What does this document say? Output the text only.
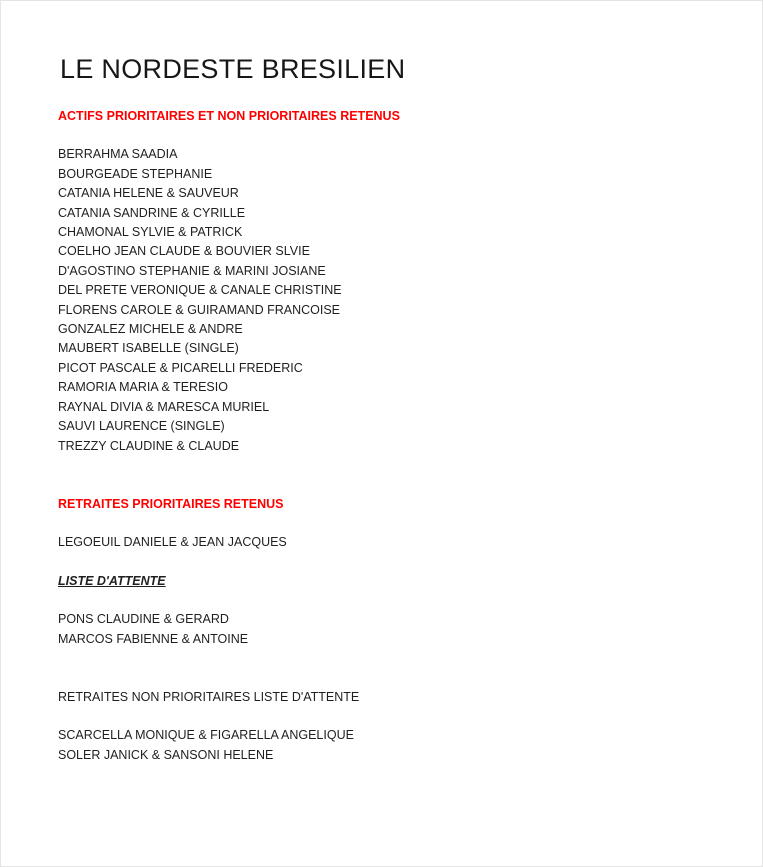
LE NORDESTE BRESILIEN
ACTIFS PRIORITAIRES ET NON PRIORITAIRES RETENUS

BERRAHMA SAADIA

BOURGEADE STEPHANIE

CATANIA HELENE & SAUVEUR

CATANIA SANDRINE & CYRILLE

CHAMONAL SYLVIE & PATRICK

COELHO JEAN CLAUDE & BOUVIER SLVIE

D'AGOSTINO STEPHANIE & MARINI JOSIANE

DEL PRETE VERONIQUE & CANALE CHRISTINE

FLORENS CAROLE & GUIRAMAND FRANCOISE

GONZALEZ MICHELE & ANDRE

MAUBERT ISABELLE (SINGLE)

PICOT PASCALE & PICARELLI FREDERIC

RAMORIA MARIA & TERESIO

RAYNAL DIVIA & MARESCA MURIEL

SAUVI LAURENCE (SINGLE)

TREZZY CLAUDINE & CLAUDE

RETRAITES PRIORITAIRES RETENUS

LEGOEUIL DANIELE & JEAN JACQUES

LISTE D'ATTENTE

PONS CLAUDINE & GERARD

MARCOS FABIENNE & ANTOINE

RETRAITES NON PRIORITAIRES LISTE D'ATTENTE

SCARCELLA MONIQUE & FIGARELLA ANGELIQUE

SOLER JANICK & SANSONI HELENE
